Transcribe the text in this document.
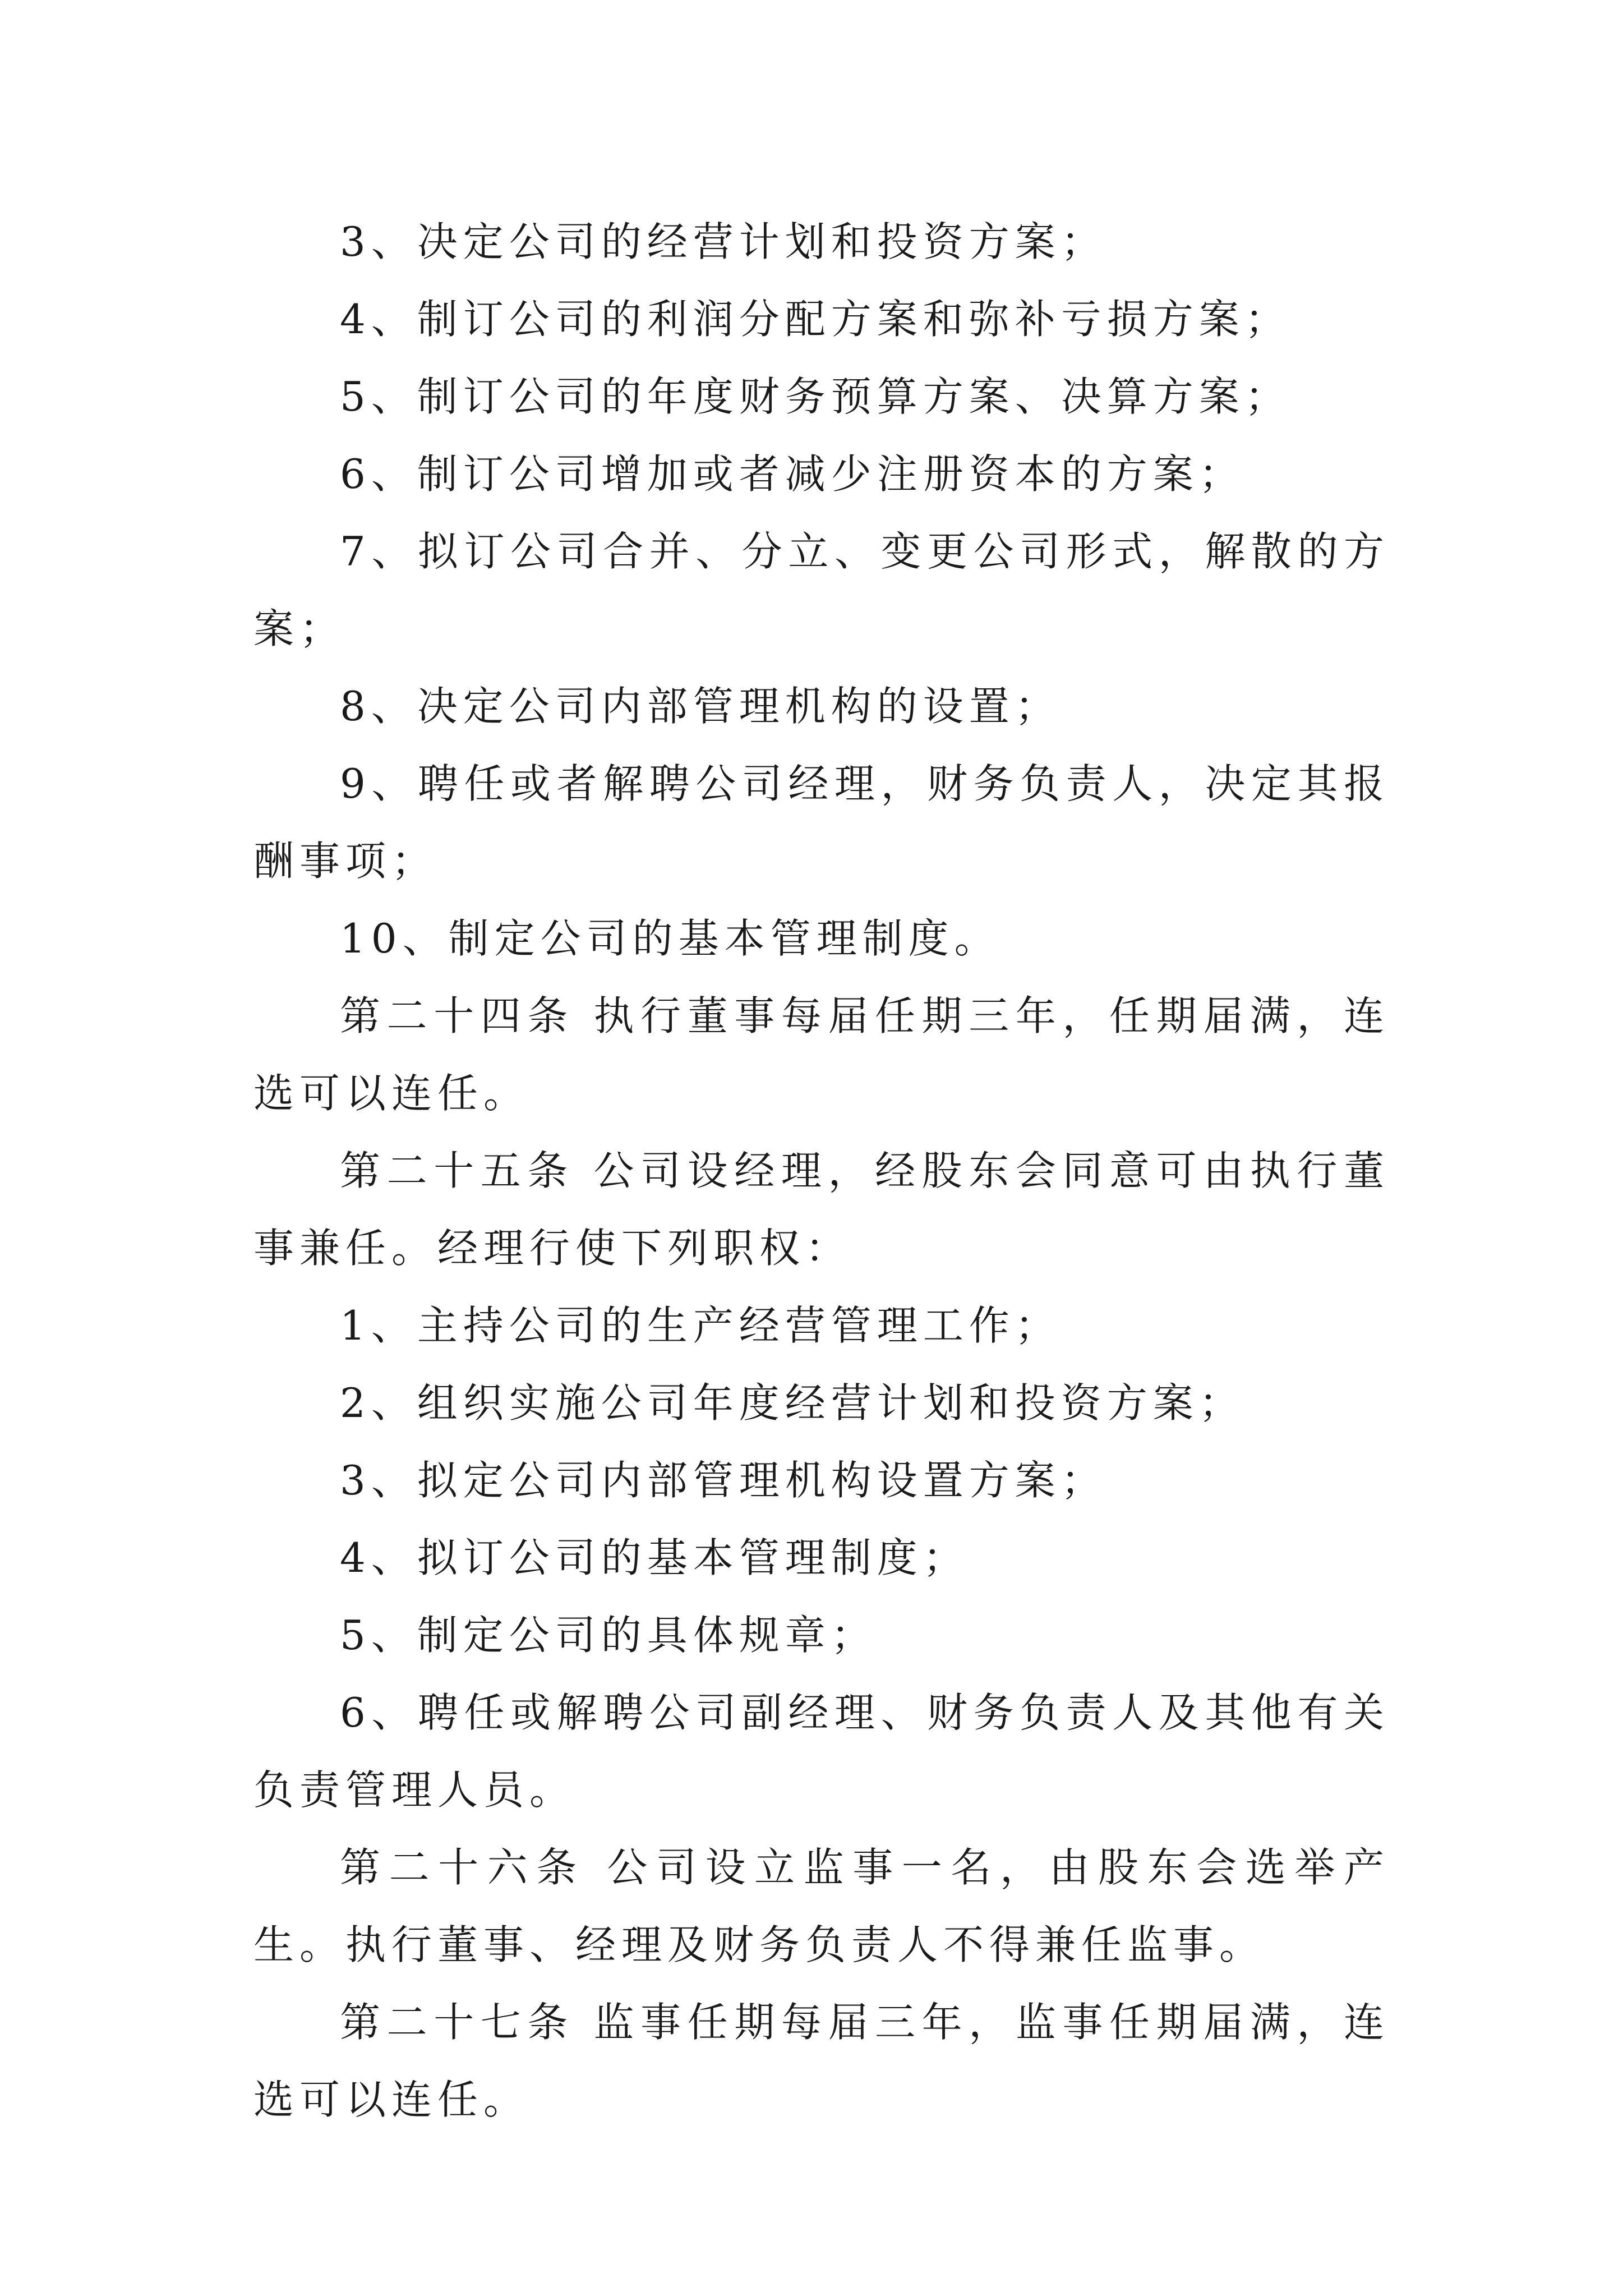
3、决定公司的经营计划和投资方案；

4、制订公司的利润分配方案和弥补亏损方案；

5、制订公司的年度财务预算方案、决算方案；

6、制订公司增加或者减少注册资本的方案；

7、拟订公司合并、分立、变更公司形式，解散的方案；

8、决定公司内部管理机构的设置；

9、聘任或者解聘公司经理，财务负责人，决定其报酬事项；

10、制定公司的基本管理制度。

第二十四条 执行董事每届任期三年，任期届满，连选可以连任。

第二十五条 公司设经理，经股东会同意可由执行董事兼任。经理行使下列职权：

1、主持公司的生产经营管理工作；

2、组织实施公司年度经营计划和投资方案；

3、拟定公司内部管理机构设置方案；

4、拟订公司的基本管理制度；

5、制定公司的具体规章；

6、聘任或解聘公司副经理、财务负责人及其他有关负责管理人员。

第二十六条 公司设立监事一名，由股东会选举产生。执行董事、经理及财务负责人不得兼任监事。

第二十七条 监事任期每届三年，监事任期届满，连选可以连任。
